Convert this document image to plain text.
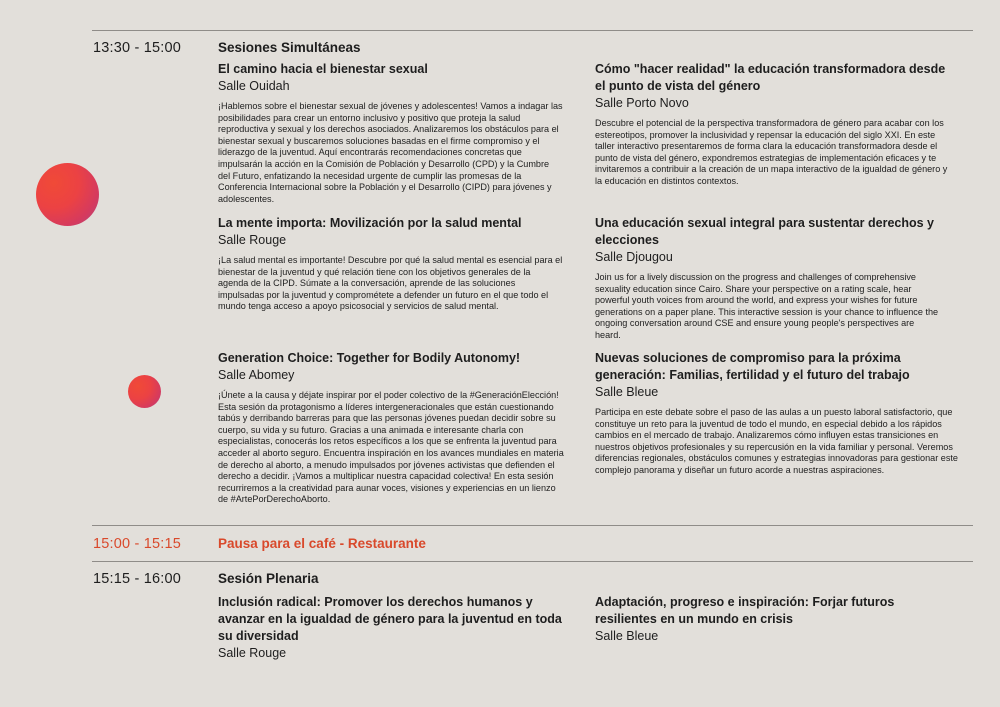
13:30 - 15:00	Sesiones Simultáneas

El camino hacia el bienestar sexual

Salle Ouidah

¡Hablemos sobre el bienestar sexual de jóvenes y adolescentes! Vamos a indagar las posibilidades para crear un entorno inclusivo y positivo que proteja la salud reproductiva y sexual y los derechos asociados. Analizaremos los obstáculos para el bienestar sexual y buscaremos soluciones basadas en el firme compromiso y el liderazgo de la juventud. Aquí encontrarás recomendaciones concretas que impulsarán la acción en la Comisión de Población y Desarrollo (CPD) y la Cumbre del Futuro, enfatizando la necesidad urgente de cumplir las promesas de la Conferencia Internacional sobre la Población y el Desarrollo (CIPD) para jóvenes y adolescentes.

Cómo "hacer realidad" la educación transformadora desde el punto de vista del género

Salle Porto Novo

Descubre el potencial de la perspectiva transformadora de género para acabar con los estereotipos, promover la inclusividad y repensar la educación del siglo XXI. En este taller interactivo presentaremos de forma clara la educación transformadora desde el punto de vista del género, expondremos estrategias de implementación eficaces y te invitaremos a contribuir a la creación de un mapa interactivo de la igualdad de género y la educación en distintos contextos.

La mente importa: Movilización por la salud mental

Salle Rouge

¡La salud mental es importante! Descubre por qué la salud mental es esencial para el bienestar de la juventud y qué relación tiene con los objetivos generales de la agenda de la CIPD. Súmate a la conversación, aprende de las soluciones impulsadas por la juventud y comprométete a defender un futuro en el que todo el mundo tenga acceso a apoyo psicosocial y servicios de salud mental.

Una educación sexual integral para sustentar derechos y elecciones

Salle Djougou

Join us for a lively discussion on the progress and challenges of comprehensive sexuality education since Cairo. Share your perspective on a rating scale, hear powerful youth voices from around the world, and express your wishes for future generations on a paper plane. This interactive session is your chance to influence the ongoing conversation around CSE and ensure young people's perspectives are heard.

Generation Choice: Together for Bodily Autonomy!

Salle Abomey

¡Únete a la causa y déjate inspirar por el poder colectivo de la #GeneraciónElección! Esta sesión da protagonismo a líderes intergeneracionales que están cuestionando tabús y derribando barreras para que las personas jóvenes puedan decidir sobre su cuerpo, su vida y su futuro. Gracias a una animada e interesante charla con especialistas, conocerás los retos específicos a los que se enfrenta la juventud para acceder al aborto seguro. Encuentra inspiración en los avances mundiales en materia de derecho al aborto, a menudo impulsados por jóvenes activistas que defienden el derecho a decidir. ¡Vamos a multiplicar nuestra capacidad colectiva! En esta sesión recurriremos a la creatividad para aunar voces, visiones y experiencias en un lienzo de #ArtePorDerechoAborto.

Nuevas soluciones de compromiso para la próxima generación: Familias, fertilidad y el futuro del trabajo

Salle Bleue

Participa en este debate sobre el paso de las aulas a un puesto laboral satisfactorio, que constituye un reto para la juventud de todo el mundo, en especial debido a los rápidos cambios en el mercado de trabajo. Analizaremos cómo influyen estas transiciones en nuestros objetivos profesionales y su repercusión en la vida familiar y personal. Veremos diferencias regionales, obstáculos comunes y estrategias innovadoras para gestionar este complejo panorama y diseñar un futuro acorde a nuestras aspiraciones.

15:00 - 15:15	Pausa para el café - Restaurante
15:15 - 16:00	Sesión Plenaria

Inclusión radical: Promover los derechos humanos y avanzar en la igualdad de género para la juventud en toda su diversidad

Salle Rouge

Adaptación, progreso e inspiración: Forjar futuros resilientes en un mundo en crisis

Salle Bleue
